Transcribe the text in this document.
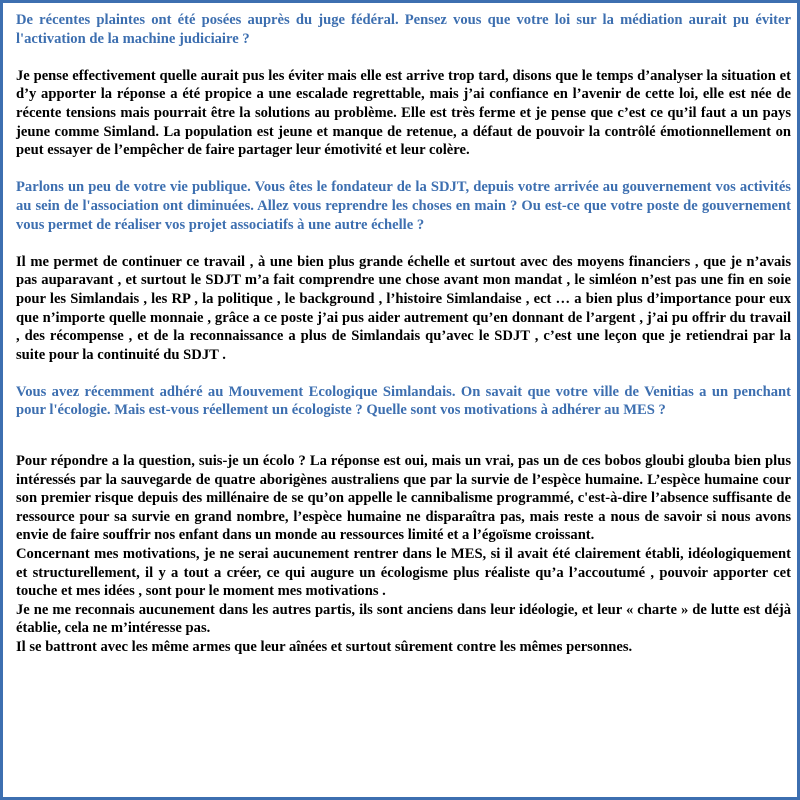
De récentes plaintes ont été posées auprès du juge fédéral. Pensez vous que votre loi sur la médiation aurait pu éviter l'activation de la machine judiciaire ?

Je pense effectivement quelle aurait pus les éviter mais elle est arrive trop tard, disons que le temps d’analyser la situation et d’y apporter la réponse a été propice a une escalade regrettable, mais j’ai confiance en l’avenir de cette loi, elle est née de récente tensions mais pourrait être la solutions au problème. Elle est très ferme et je pense que c’est ce qu’il faut a un pays jeune comme Simland. La population est jeune et manque de retenue, a défaut de pouvoir la contrôlé émotionnellement on peut essayer de l’empêcher de faire partager leur émotivité et leur colère.

Parlons un peu de votre vie publique. Vous êtes le fondateur de la SDJT, depuis votre arrivée au gouvernement vos activités au sein de l'association ont diminuées. Allez vous reprendre les choses en main ? Ou est-ce que votre poste de gouvernement vous permet de réaliser vos projet associatifs à une autre échelle ?

Il me permet de continuer ce travail , à une bien plus grande échelle et surtout avec des moyens financiers , que je n’avais pas auparavant , et surtout le SDJT m’a fait comprendre une chose avant mon mandat , le simléon n’est pas une fin en soie pour les Simlandais , les RP , la politique , le background , l’histoire Simlandaise , ect … a bien plus d’importance pour eux que n’importe quelle monnaie , grâce a ce poste j’ai pus aider autrement qu’en donnant de l’argent , j’ai pu offrir du travail , des récompense , et de la reconnaissance a plus de Simlandais qu’avec le SDJT , c’est une leçon que je retiendrai par la suite pour la continuité du SDJT .

Vous avez récemment adhéré au Mouvement Ecologique Simlandais. On savait que votre ville de Venitias a un penchant pour l'écologie. Mais est-vous réellement un écologiste ? Quelle sont vos motivations à adhérer au MES ?

Pour répondre a la question, suis-je un écolo ? La réponse est oui, mais un vrai, pas un de ces bobos gloubi glouba bien plus intéressés par la sauvegarde de quatre aborigènes australiens que par la survie de l’espèce humaine. L’espèce humaine cour son premier risque depuis des millénaire de se qu’on appelle le cannibalisme programmé, c'est-à-dire l’absence suffisante de ressource pour sa survie en grand nombre, l’espèce humaine ne disparaîtra pas, mais reste a nous de savoir si nous avons envie de faire souffrir nos enfant dans un monde au ressources limité et a l’égoïsme croissant.

Concernant mes motivations, je ne serai aucunement rentrer dans le MES, si il avait été clairement établi, idéologiquement et structurellement, il y a tout a créer, ce qui augure un écologisme plus réaliste qu’a l’accoutumé , pouvoir apporter cet touche et mes idées , sont pour le moment mes motivations .

Je ne me reconnais aucunement dans les autres partis, ils sont anciens dans leur idéologie, et leur « charte » de lutte est déjà établie, cela ne m’intéresse pas.

Il se battront avec les même armes que leur aînées et surtout sûrement contre les mêmes personnes.
